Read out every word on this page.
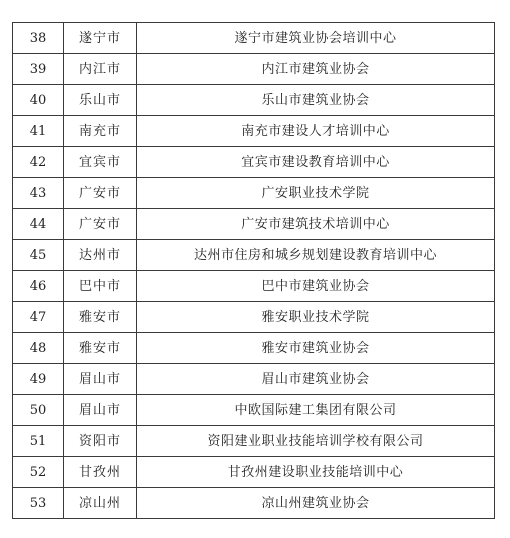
38	遂宁市	遂宁市建筑业协会培训中心
39	内江市	内江市建筑业协会
40	乐山市	乐山市建筑业协会
41	南充市	南充市建设人才培训中心
42	宜宾市	宜宾市建设教育培训中心
43	广安市	广安职业技术学院
44	广安市	广安市建筑技术培训中心
45	达州市	达州市住房和城乡规划建设教育培训中心
46	巴中市	巴中市建筑业协会
47	雅安市	雅安职业技术学院
48	雅安市	雅安市建筑业协会
49	眉山市	眉山市建筑业协会
50	眉山市	中欧国际建工集团有限公司
51	资阳市	资阳建业职业技能培训学校有限公司
52	甘孜州	甘孜州建设职业技能培训中心
53	凉山州	凉山州建筑业协会
